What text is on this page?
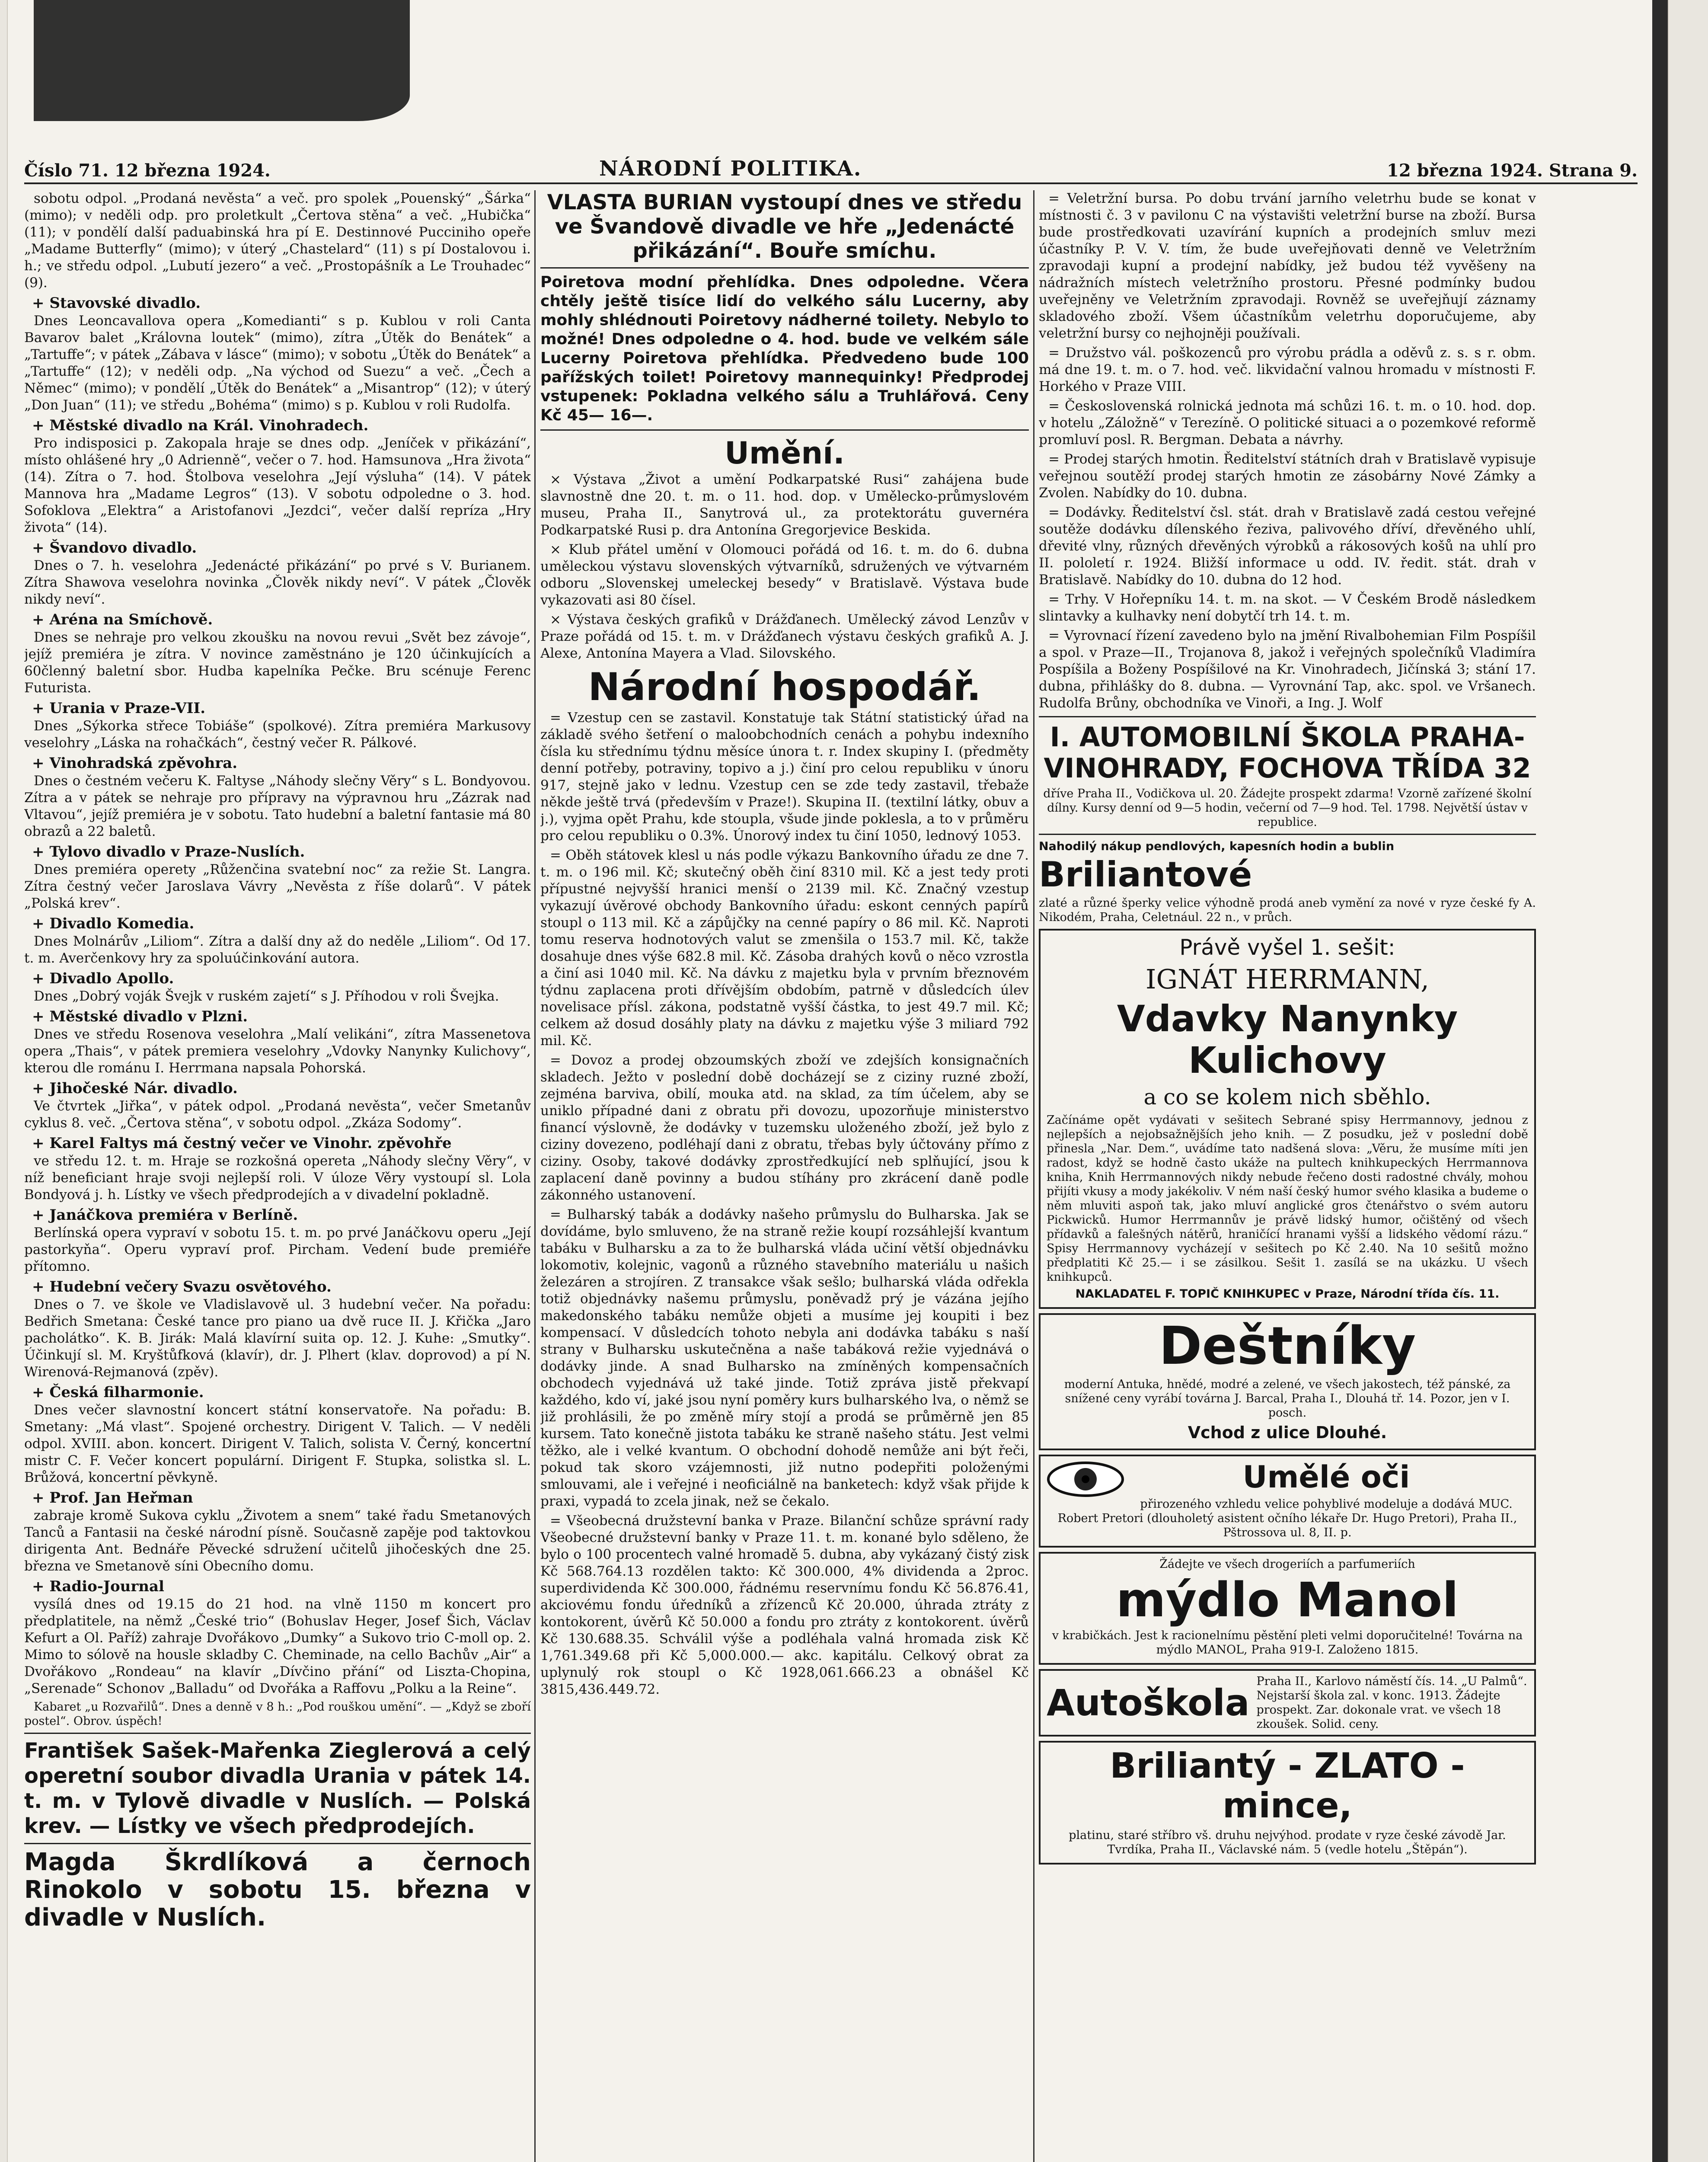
Číslo 71. 12 března 1924.	NÁRODNÍ POLITIKA.	12 března 1924. Strana 9.

sobotu odpol. „Prodaná nevěsta“ a več. pro spolek „Pouenský“ „Šárka“ (mimo); v neděli odp. pro proletkult „Čertova stěna“ a več. „Hubička“ (11); v pondělí další paduabinská hra pí E. Destinnové Pucciniho opeře „Madame Butterfly“ (mimo); v úterý „Chastelard“ (11) s pí Dostalovou i. h.; ve středu odpol. „Lubutí jezero“ a več. „Prostopášník a Le Trouhadec“ (9).

+ Stavovské divadlo.

Dnes Leoncavallova opera „Komedianti“ s p. Kublou v roli Canta Bavarov balet „Královna loutek“ (mimo), zítra „Útěk do Benátek“ a „Tartuffe“; v pátek „Zábava v lásce“ (mimo); v sobotu „Útěk do Benátek“ a „Tartuffe“ (12); v neděli odp. „Na východ od Suezu“ a več. „Čech a Němec“ (mimo); v pondělí „Útěk do Benátek“ a „Misantrop“ (12); v úterý „Don Juan“ (11); ve středu „Bohéma“ (mimo) s p. Kublou v roli Rudolfa.

+ Městské divadlo na Král. Vinohradech.

Pro indisposici p. Zakopala hraje se dnes odp. „Jeníček v přikázání“, místo ohlášené hry „0 Adrienně“, večer o 7. hod. Hamsunova „Hra života“ (14). Zítra o 7. hod. Štolbova veselohra „Její výsluha“ (14). V pátek Mannova hra „Madame Legros“ (13). V sobotu odpoledne o 3. hod. Sofoklova „Elektra“ a Aristofanovi „Jezdci“, večer další repríza „Hry života“ (14).

+ Švandovo divadlo.

Dnes o 7. h. veselohra „Jedenácté přikázání“ po prvé s V. Burianem. Zítra Shawova veselohra novinka „Člověk nikdy neví“. V pátek „Člověk nikdy neví“.

+ Aréna na Smíchově.

Dnes se nehraje pro velkou zkoušku na novou revui „Svět bez závoje“, jejíž premiéra je zítra. V novince zaměstnáno je 120 účinkujících a 60členný baletní sbor. Hudba kapelníka Pečke. Bru scénuje Ferenc Futurista.

+ Urania v Praze-VII.

Dnes „Sýkorka střece Tobiáše“ (spolkové). Zítra premiéra Markusovy veselohry „Láska na rohačkách“, čestný večer R. Pálkové.

+ Vinohradská zpěvohra.

Dnes o čestném večeru K. Faltyse „Náhody slečny Věry“ s L. Bondyovou. Zítra a v pátek se nehraje pro přípravy na výpravnou hru „Zázrak nad Vltavou“, jejíž premiéra je v sobotu. Tato hudební a baletní fantasie má 80 obrazů a 22 baletů.

+ Tylovo divadlo v Praze-Nuslích.

Dnes premiéra operety „Růženčina svatební noc“ za režie St. Langra. Zítra čestný večer Jaroslava Vávry „Nevěsta z říše dolarů“. V pátek „Polská krev“.

+ Divadlo Komedia.

Dnes Molnárův „Liliom“. Zítra a další dny až do neděle „Liliom“. Od 17. t. m. Averčenkovy hry za spoluúčinkování autora.

+ Divadlo Apollo.

Dnes „Dobrý voják Švejk v ruském zajetí“ s J. Příhodou v roli Švejka.

+ Městské divadlo v Plzni.

Dnes ve středu Rosenova veselohra „Malí velikáni“, zítra Massenetova opera „Thais“, v pátek premiera veselohry „Vdovky Nanynky Kulichovy“, kterou dle románu I. Herrmana napsala Pohorská.

+ Jihočeské Nár. divadlo.

Ve čtvrtek „Jiřka“, v pátek odpol. „Prodaná nevěsta“, večer Smetanův cyklus 8. več. „Čertova stěna“, v sobotu odpol. „Zkáza Sodomy“.

+ Karel Faltys má čestný večer ve Vinohr. zpěvohře

ve středu 12. t. m. Hraje se rozkošná opereta „Náhody slečny Věry“, v níž beneficiant hraje svoji nejlepší roli. V úloze Věry vystoupí sl. Lola Bondyová j. h. Lístky ve všech předprodejích a v divadelní pokladně.

+ Janáčkova premiéra v Berlíně.

Berlínská opera vypraví v sobotu 15. t. m. po prvé Janáčkovu operu „Její pastorkyňa“. Operu vypraví prof. Pircham. Vedení bude premiéře přítomno.

+ Hudební večery Svazu osvětového.

Dnes o 7. ve škole ve Vladislavově ul. 3 hudební večer. Na pořadu: Bedřich Smetana: České tance pro piano ua dvě ruce II. J. Křička „Jaro pacholátko“. K. B. Jirák: Malá klavírní suita op. 12. J. Kuhe: „Smutky“. Účinkují sl. M. Kryštůfková (klavír), dr. J. Plhert (klav. doprovod) a pí N. Wirenová-Rejmanová (zpěv).

+ Česká filharmonie.

Dnes večer slavnostní koncert státní konservatoře. Na pořadu: B. Smetany: „Má vlast“. Spojené orchestry. Dirigent V. Talich. — V neděli odpol. XVIII. abon. koncert. Dirigent V. Talich, solista V. Černý, koncertní mistr C. F. Večer koncert populární. Dirigent F. Stupka, solistka sl. L. Brůžová, koncertní pěvkyně.

+ Prof. Jan Heřman

zabraje kromě Sukova cyklu „Životem a snem“ také řadu Smetanových Tanců a Fantasii na české národní písně. Současně zapěje pod taktovkou dirigenta Ant. Bednáře Pěvecké sdružení učitelů jihočeských dne 25. března ve Smetanově síni Obecního domu.

+ Radio-Journal

vysílá dnes od 19.15 do 21 hod. na vlně 1150 m koncert pro předplatitele, na němž „České trio“ (Bohuslav Heger, Josef Šich, Václav Kefurt a Ol. Paříž) zahraje Dvořákovo „Dumky“ a Sukovo trio C-moll op. 2. Mimo to sólově na housle skladby C. Cheminade, na cello Bachův „Air“ a Dvořákovo „Rondeau“ na klavír „Dívčino přání“ od Liszta-Chopina, „Serenade“ Schonov „Balladu“ od Dvořáka a Raffovu „Polku a la Reine“.

Kabaret „u Rozvařilů“. Dnes a denně v 8 h.: „Pod rouškou umění“. — „Když se zboří postel“. Obrov. úspěch!

František Sašek-Mařenka Zieglerová a celý operetní soubor divadla Urania v pátek 14. t. m. v Tylově divadle v Nuslích. — Polská krev. — Lístky ve všech předprodejích.

Magda Škrdlíková a černoch Rinokolo v sobotu 15. března v divadle v Nuslích.

VLASTA BURIAN vystoupí dnes ve středu ve Švandově divadle ve hře „Jedenácté přikázání“. Bouře smíchu.

Poiretova modní přehlídka. Dnes odpoledne. Včera chtěly ještě tisíce lidí do velkého sálu Lucerny, aby mohly shlédnouti Poiretovy nádherné toilety. Nebylo to možné! Dnes odpoledne o 4. hod. bude ve velkém sále Lucerny Poiretova přehlídka. Předvedeno bude 100 pařížských toilet! Poiretovy mannequinky! Předprodej vstupenek: Pokladna velkého sálu a Truhlářová. Ceny Kč 45— 16—.

Umění.

× Výstava „Život a umění Podkarpatské Rusi“ zahájena bude slavnostně dne 20. t. m. o 11. hod. dop. v Umělecko-průmyslovém museu, Praha II., Sanytrová ul., za protektorátu guvernéra Podkarpatské Rusi p. dra Antonína Gregorjevice Beskida.

× Klub přátel umění v Olomouci pořádá od 16. t. m. do 6. dubna uměleckou výstavu slovenských výtvarníků, sdružených ve výtvarném odboru „Slovenskej umeleckej besedy“ v Bratislavě. Výstava bude vykazovati asi 80 čísel.

× Výstava českých grafiků v Drážďanech. Umělecký závod Lenzův v Praze pořádá od 15. t. m. v Drážďanech výstavu českých grafiků A. J. Alexe, Antonína Mayera a Vlad. Silovského.

Národní hospodář.

= Vzestup cen se zastavil. Konstatuje tak Státní statistický úřad na základě svého šetření o maloobchodních cenách a pohybu indexního čísla ku střednímu týdnu měsíce února t. r. Index skupiny I. (předměty denní potřeby, potraviny, topivo a j.) činí pro celou republiku v únoru 917, stejně jako v lednu. Vzestup cen se zde tedy zastavil, třebaže někde ještě trvá (především v Praze!). Skupina II. (textilní látky, obuv a j.), vyjma opět Prahu, kde stoupla, všude jinde poklesla, a to v průměru pro celou republiku o 0.3%. Únorový index tu činí 1050, lednový 1053.

= Oběh státovek klesl u nás podle výkazu Bankovního úřadu ze dne 7. t. m. o 196 mil. Kč; skutečný oběh činí 8310 mil. Kč a jest tedy proti přípustné nejvyšší hranici menší o 2139 mil. Kč. Značný vzestup vykazují úvěrové obchody Bankovního úřadu: eskont cenných papírů stoupl o 113 mil. Kč a zápůjčky na cenné papíry o 86 mil. Kč. Naproti tomu reserva hodnotových valut se zmenšila o 153.7 mil. Kč, takže dosahuje dnes výše 682.8 mil. Kč. Zásoba drahých kovů o něco vzrostla a činí asi 1040 mil. Kč. Na dávku z majetku byla v prvním březnovém týdnu zaplacena proti dřívějším obdobím, patrně v důsledcích úlev novelisace přísl. zákona, podstatně vyšší částka, to jest 49.7 mil. Kč; celkem až dosud dosáhly platy na dávku z majetku výše 3 miliard 792 mil. Kč.

= Dovoz a prodej obzoumských zboží ve zdejších konsignačních skladech. Ježto v poslední době docházejí se z ciziny ruzné zboží, zejména barviva, obilí, mouka atd. na sklad, za tím účelem, aby se uniklo případné dani z obratu při dovozu, upozorňuje ministerstvo financí výslovně, že dodávky v tuzemsku uloženého zboží, jež bylo z ciziny dovezeno, podléhají dani z obratu, třebas byly účtovány přímo z ciziny. Osoby, takové dodávky zprostředkující neb splňující, jsou k zaplacení daně povinny a budou stíhány pro zkrácení daně podle zákonného ustanovení.

= Bulharský tabák a dodávky našeho průmyslu do Bulharska. Jak se dovídáme, bylo smluveno, že na straně režie koupí rozsáhlejší kvantum tabáku v Bulharsku a za to že bulharská vláda učiní větší objednávku lokomotiv, kolejnic, vagonů a různého stavebního materiálu u našich železáren a strojíren. Z transakce však sešlo; bulharská vláda odřekla totiž objednávky našemu průmyslu, poněvadž prý je vázána jejího makedonského tabáku nemůže objeti a musíme jej koupiti i bez kompensací. V důsledcích tohoto nebyla ani dodávka tabáku s naší strany v Bulharsku uskutečněna a naše tabáková režie vyjednává o dodávky jinde. A snad Bulharsko na zmíněných kompensačních obchodech vyjednává už také jinde. Totiž zpráva jistě překvapí každého, kdo ví, jaké jsou nyní poměry kurs bulharského lva, o němž se již prohlásili, že po změně míry stojí a prodá se průměrně jen 85 kursem. Tato konečně jistota tabáku ke straně našeho státu. Jest velmi těžko, ale i velké kvantum. O obchodní dohodě nemůže ani být řeči, pokud tak skoro vzájemnosti, již nutno podepřiti položenými smlouvami, ale i veřejné i neoficiálně na banketech: když však přijde k praxi, vypadá to zcela jinak, než se čekalo.

= Všeobecná družstevní banka v Praze. Bilanční schůze správní rady Všeobecné družstevní banky v Praze 11. t. m. konané bylo sděleno, že bylo o 100 procentech valné hromadě 5. dubna, aby vykázaný čistý zisk Kč 568.764.13 rozdělen takto: Kč 300.000, 4% dividenda a 2proc. superdividenda Kč 300.000, řádnému reservnímu fondu Kč 56.876.41, akciovému fondu úředníků a zřízenců Kč 20.000, úhrada ztráty z kontokorent, úvěrů Kč 50.000 a fondu pro ztráty z kontokorent. úvěrů Kč 130.688.35. Schválil výše a podléhala valná hromada zisk Kč 1,761.349.68 při Kč 5,000.000.— akc. kapitálu. Celkový obrat za uplynulý rok stoupl o Kč 1928,061.666.23 a obnášel Kč 3815,436.449.72.

= Veletržní bursa. Po dobu trvání jarního veletrhu bude se konat v místnosti č. 3 v pavilonu C na výstavišti veletržní burse na zboží. Bursa bude prostředkovati uzavírání kupních a prodejních smluv mezi účastníky P. V. V. tím, že bude uveřejňovati denně ve Veletržním zpravodaji kupní a prodejní nabídky, jež budou též vyvěšeny na nádražních místech veletržního prostoru. Přesné podmínky budou uveřejněny ve Veletržním zpravodaji. Rovněž se uveřejňují záznamy skladového zboží. Všem účastníkům veletrhu doporučujeme, aby veletržní bursy co nejhojněji používali.

= Družstvo vál. poškozenců pro výrobu prádla a oděvů z. s. s r. obm. má dne 19. t. m. o 7. hod. več. likvidační valnou hromadu v místnosti F. Horkého v Praze VIII.

= Československá rolnická jednota má schůzi 16. t. m. o 10. hod. dop. v hotelu „Záložně“ v Terezíně. O politické situaci a o pozemkové reformě promluví posl. R. Bergman. Debata a návrhy.

= Prodej starých hmotin. Ředitelství státních drah v Bratislavě vypisuje veřejnou soutěží prodej starých hmotin ze zásobárny Nové Zámky a Zvolen. Nabídky do 10. dubna.

= Dodávky. Ředitelství čsl. stát. drah v Bratislavě zadá cestou veřejné soutěže dodávku dílenského řeziva, palivového dříví, dřevěného uhlí, dřevité vlny, různých dřevěných výrobků a rákosových košů na uhlí pro II. pololetí r. 1924. Bližší informace u odd. IV. ředit. stát. drah v Bratislavě. Nabídky do 10. dubna do 12 hod.

= Trhy. V Hořepníku 14. t. m. na skot. — V Českém Brodě následkem slintavky a kulhavky není dobytčí trh 14. t. m.

= Vyrovnací řízení zavedeno bylo na jmění Rivalbohemian Film Pospíšil a spol. v Praze—II., Trojanova 8, jakož i veřejných společníků Vladimíra Pospíšila a Boženy Pospíšilové na Kr. Vinohradech, Jičínská 3; stání 17. dubna, přihlášky do 8. dubna. — Vyrovnání Tap, akc. spol. ve Vršanech. Rudolfa Brůny, obchodníka ve Vinoři, a Ing. J. Wolf

I. AUTOMOBILNÍ ŠKOLA PRAHA-VINOHRADY, FOCHOVA TŘÍDA 32

dříve Praha II., Vodičkova ul. 20. Žádejte prospekt zdarma! Vzorně zařízené školní dílny. Kursy denní od 9—5 hodin, večerní od 7—9 hod. Tel. 1798. Největší ústav v republice.

Nahodilý nákup pendlových, kapesních hodin a bublin

Briliantové

zlaté a různé šperky velice výhodně prodá aneb vymění za nové v ryze české fy A. Nikodém, Praha, Celetnául. 22 n., v průch.

Právě vyšel 1. sešit:

IGNÁT HERRMANN,

Vdavky Nanynky Kulichovy

a co se kolem nich sběhlo.

Začínáme opět vydávati v sešitech Sebrané spisy Herrmannovy, jednou z nejlepších a nejobsažnějších jeho knih. — Z posudku, jež v poslední době přinesla „Nar. Dem.“, uvádíme tato nadšená slova: „Věru, že musíme míti jen radost, když se hodně často ukáže na pultech knihkupeckých Herrmannova kniha, Knih Herrmannových nikdy nebude řečeno dosti radostné chvály, mohou přijíti vkusy a mody jakékoliv. V ném naší český humor svého klasika a budeme o něm mluviti aspoň tak, jako mluví anglické gros čtenářstvo o svém autoru Pickwicků. Humor Herrmannův je právě lidský humor, očištěný od všech přídavků a falešných nátěrů, hraničící hranami vyšší a lidského vědomí rázu.“ Spisy Herrmannovy vycházejí v sešitech po Kč 2.40. Na 10 sešitů možno předplatiti Kč 25.— i se zásilkou. Sešit 1. zasílá se na ukázku. U všech knihkupců.

NAKLADATEL F. TOPIČ KNIHKUPEC v Praze, Národní třída čís. 11.

Deštníky

moderní Antuka, hnědé, modré a zelené, ve všech jakostech, též pánské, za snížené ceny vyrábí továrna J. Barcal, Praha I., Dlouhá tř. 14. Pozor, jen v I. posch.

Vchod z ulice Dlouhé.

Umělé oči

přirozeného vzhledu velice pohyblivé modeluje a dodává MUC. Robert Pretori (dlouholetý asistent očního lékaře Dr. Hugo Pretori), Praha II., Pštrossova ul. 8, II. p.

Žádejte ve všech drogeriích a parfumeriích

mýdlo Manol

v krabičkách. Jest k racionelnímu pěstění pleti velmi doporučitelné! Továrna na mýdlo MANOL, Praha 919-I. Založeno 1815.

Autoškola
Praha II., Karlovo náměstí čís. 14. „U Palmů“. Nejstarší škola zal. v konc. 1913. Žádejte prospekt. Zar. dokonale vrat. ve všech 18 zkoušek. Solid. ceny.

Briliantý - ZLATO - mince,

platinu, staré stříbro vš. druhu nejvýhod. prodate v ryze české závodě Jar. Tvrdíka, Praha II., Václavské nám. 5 (vedle hotelu „Štěpán“).
